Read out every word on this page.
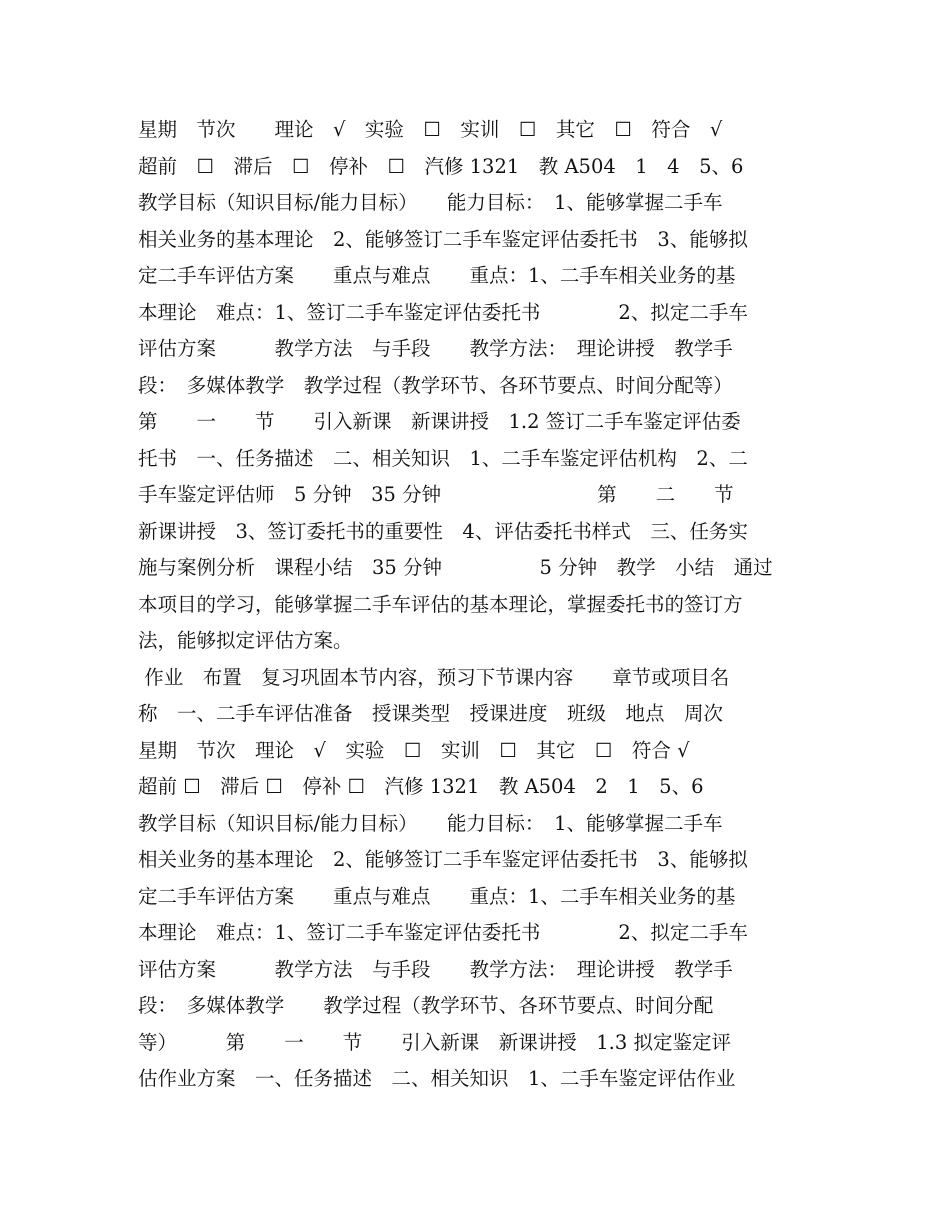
星期　节次　　理论　√　实验　☐　实训　☐　其它　☐　符合　√
超前　☐　滞后　☐　停补　☐　汽修 1321　教 A504　1　4　5、6
教学目标（知识目标/能力目标）　　能力目标：　1、能够掌握二手车
相关业务的基本理论　2、能够签订二手车鉴定评估委托书　3、能够拟
定二手车评估方案　　重点与难点　　重点：1、二手车相关业务的基
本理论　难点：1、签订二手车鉴定评估委托书　　　　2、拟定二手车
评估方案　　　教学方法　与手段　　教学方法：　理论讲授　教学手
段：　多媒体教学　教学过程（教学环节、各环节要点、时间分配等）
第　　一　　节　　引入新课　新课讲授　1.2 签订二手车鉴定评估委
托书　一、任务描述　二、相关知识　1、二手车鉴定评估机构　2、二
手车鉴定评估师　5 分钟　35 分钟　　　　　　　　第　　二　　节
新课讲授　3、签订委托书的重要性　4、评估委托书样式　三、任务实
施与案例分析　课程小结　35 分钟　　　　　5 分钟　教学　小结　通过
本项目的学习，能够掌握二手车评估的基本理论，掌握委托书的签订方
法，能够拟定评估方案。
作业　布置　复习巩固本节内容，预习下节课内容　　章节或项目名
称　一、二手车评估准备　授课类型　授课进度　班级　地点　周次
星期　节次　理论　√　实验　☐　实训　☐　其它　☐　符合 √
超前 ☐　滞后 ☐　停补 ☐　汽修 1321　教 A504　2　1　5、6
教学目标（知识目标/能力目标）　　能力目标：　1、能够掌握二手车
相关业务的基本理论　2、能够签订二手车鉴定评估委托书　3、能够拟
定二手车评估方案　　重点与难点　　重点：1、二手车相关业务的基
本理论　难点：1、签订二手车鉴定评估委托书　　　　2、拟定二手车
评估方案　　　教学方法　与手段　　教学方法：　理论讲授　教学手
段：　多媒体教学　　教学过程（教学环节、各环节要点、时间分配
等）　　　第　　一　　节　　引入新课　新课讲授　1.3 拟定鉴定评
估作业方案　一、任务描述　二、相关知识　1、二手车鉴定评估作业
